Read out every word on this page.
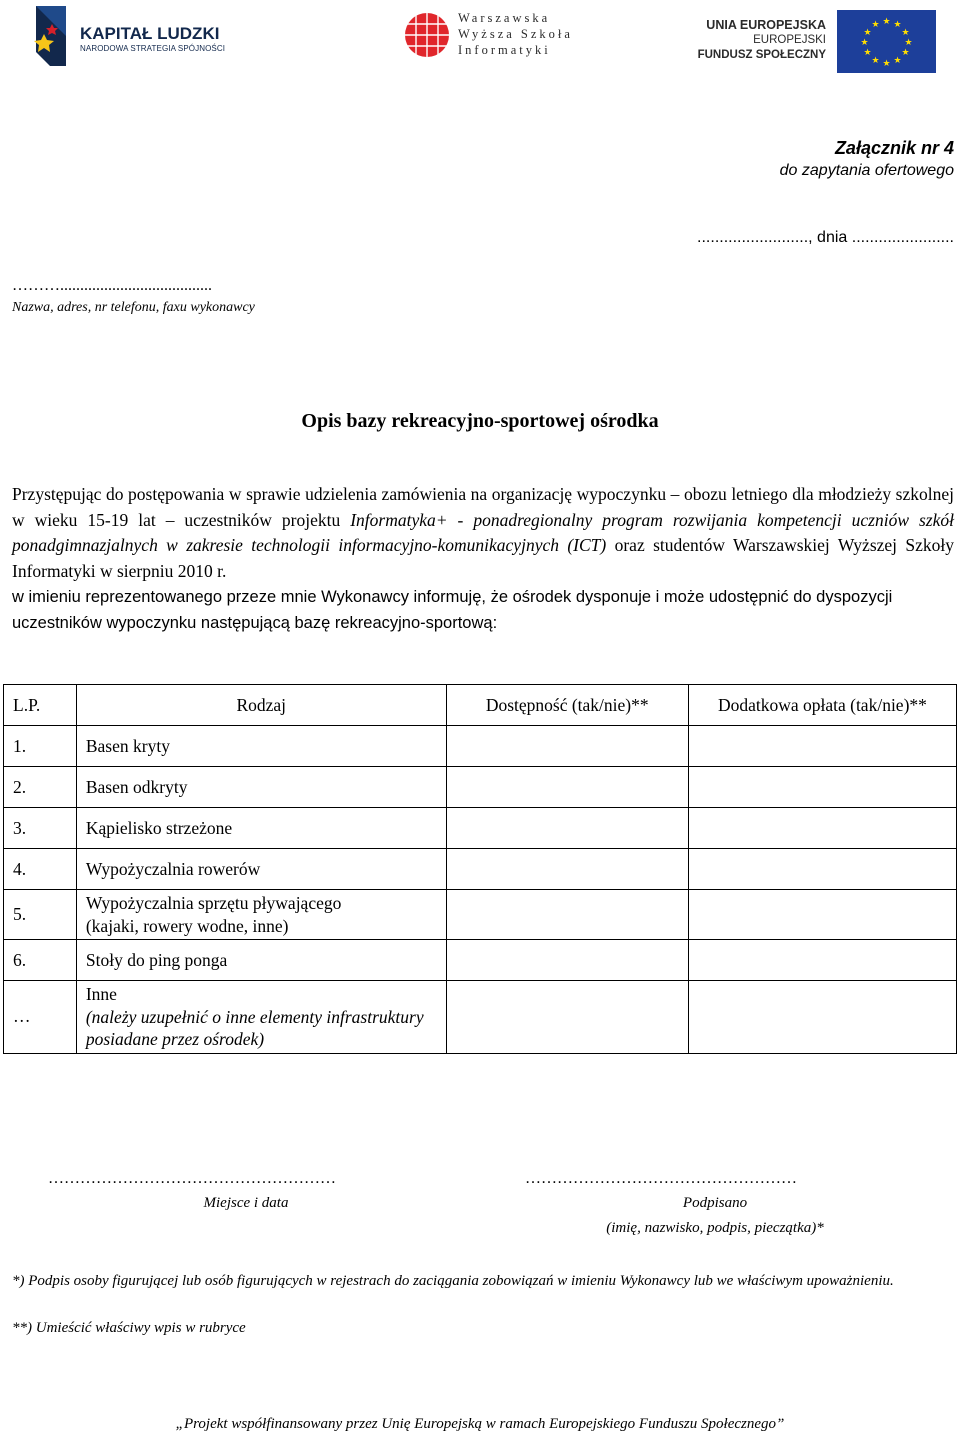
KAPITAŁ LUDZKI
NARODOWA STRATEGIA SPÓJNOŚCI
Warszawska
Wyższa Szkoła
Informatyki
UNIA EUROPEJSKA
EUROPEJSKI
FUNDUSZ SPOŁECZNY
★ ★
★
★
★
★
★
★
★
★
★
★
Załącznik nr 4
do zapytania ofertowego
........................., dnia .......................
………......................................
Nazwa, adres, nr telefonu, faxu wykonawcy
Opis bazy rekreacyjno-sportowej ośrodka
Przystępując do postępowania w sprawie udzielenia zamówienia na organizację wypoczynku – obozu letniego dla młodzieży szkolnej w wieku 15-19 lat – uczestników projektu Informatyka+ - ponadregionalny program rozwijania kompetencji uczniów szkół ponadgimnazjalnych w zakresie technologii informacyjno-komunikacyjnych (ICT) oraz studentów Warszawskiej Wyższej Szkoły Informatyki w sierpniu 2010 r.
w imieniu reprezentowanego przeze mnie Wykonawcy informuję, że ośrodek dysponuje i może udostępnić do dyspozycji uczestników wypoczynku następującą bazę rekreacyjno-sportową:
L.P.	Rodzaj	Dostępność (tak/nie)**	Dodatkowa opłata (tak/nie)**
1.	Basen kryty		
2.	Basen odkryty		
3.	Kąpielisko strzeżone		
4.	Wypożyczalnia rowerów		
5.	Wypożyczalnia sprzętu pływającego
(kajaki, rowery wodne, inne)		

6.	Stoły do ping ponga		
…	Inne
(należy uzupełnić o inne elementy infrastruktury posiadane przez ośrodek)		

………………………………………………	……………………………………………
Miejsce i data	Podpisano
(imię, nazwisko, podpis, pieczątka)*
*) Podpis osoby figurującej lub osób figurujących w rejestrach do zaciągania zobowiązań w imieniu Wykonawcy lub we właściwym upoważnieniu.
**) Umieścić właściwy wpis w rubryce
„Projekt współfinansowany przez Unię Europejską w ramach Europejskiego Funduszu Społecznego”
